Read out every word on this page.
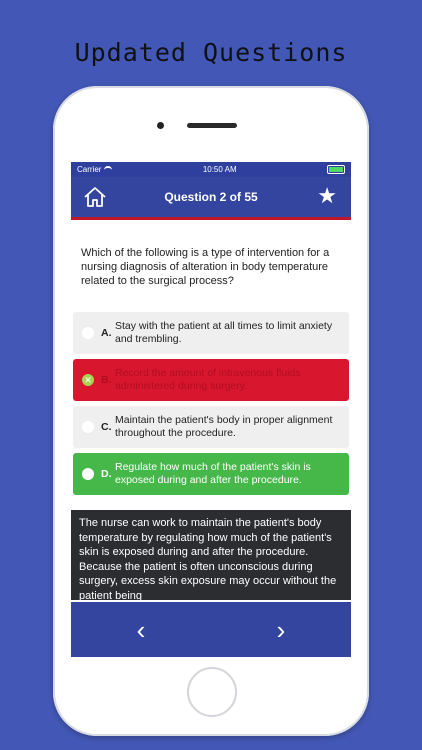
Updated Questions
Carrier	10:50 AM
Question 2 of 55	★
Which of the following is a type of intervention for a nursing diagnosis of alteration in body temperature related to the surgical process?
A.
Stay with the patient at all times to limit anxiety and trembling.
✕ B.
Record the amount of intravenous fluids administered during surgery.
C.
Maintain the patient's body in proper alignment throughout the procedure.
D.
Regulate how much of the patient's skin is exposed during and after the procedure.
The nurse can work to maintain the patient's body temperature by regulating how much of the patient's skin is exposed during and after the procedure. Because the patient is often unconscious during surgery, excess skin exposure may occur without the patient being
‹	›
